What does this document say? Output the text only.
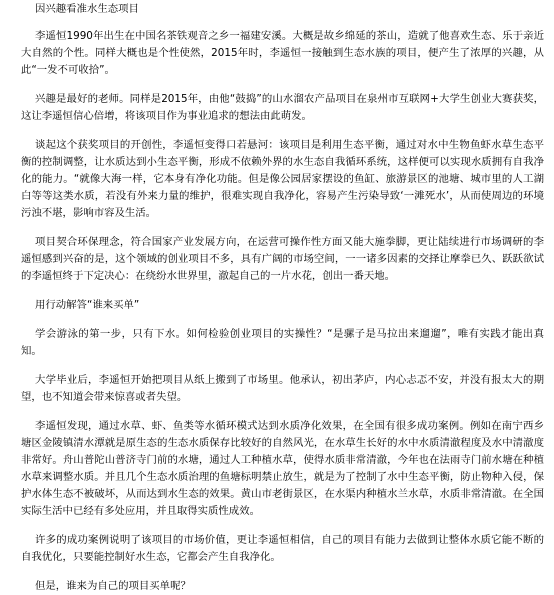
因兴趣看准水生态项目

李遥恒1990年出生在中国名茶铁观音之乡一福建安溪。大概是故乡绵延的茶山，造就了他喜欢生态、乐于亲近大自然的个性。同样大概也是个性使然，2015年时，李遥恒一接触到生态水族的项目，便产生了浓厚的兴趣，从此“一发不可收拾”。

兴趣是最好的老师。同样是2015年，由他“鼓捣”的山水溜农产品项目在泉州市互联网+大学生创业大赛获奖，这让李遥恒信心倍增，将该项目作为事业追求的想法由此萌发。

谈起这个获奖项目的开创性，李遥恒变得口若悬河：该项目是利用生态平衡，通过对水中生物鱼虾水草生态平衡的控制调整，让水质达到小生态平衡，形成不依赖外界的水生态自我循环系统，这样便可以实现水质拥有自我净化的能力。“就像大海一样，它本身有净化功能。但是像公园居家摆设的鱼缸、旅游景区的池塘、城市里的人工湖白等等这类水质，若没有外来力量的维护，很难实现自我净化，容易产生污染导致‘一滩死水’，从而使周边的环境污浊不堪，影响市容及生活。

项目契合环保理念，符合国家产业发展方向，在运营可操作性方面又能大施拳脚，更让陆续进行市场调研的李遥恒感到兴奋的是，这个领域的创业项目不多，具有广阔的市场空间，一一诸多因素的交择让摩拳已久、跃跃欲试的李遥恒终于下定决心：在绕纷水世界里，澈起自己的一片水花，创出一番天地。

用行动解答“谁来买单”

学会游泳的第一步，只有下水。如何检验创业项目的实操性？“是骡子是马拉出来遛遛”，唯有实践才能出真知。

大学毕业后，李遥恒开始把项目从纸上搬到了市场里。他承认，初出茅庐，内心忐忑不安，并没有报太大的期望，也不知道会带来惊喜或者失望。

李遥恒发现，通过水草、虾、鱼类等水循环模式达到水质净化效果，在全国有很多成功案例。例如在南宁西乡塘区金陵镇清水潭就是原生态的生态水质保存比较好的自然风光，在水草生长好的水中水质清澈程度及水中清澈度非常好。舟山普陀山普济寺门前的水塘，通过人工种植水草，使得水质非常清澈，今年也在法雨寺门前水塘在种植水草来调整水质。并且几个生态水质治理的鱼塘标明禁止放生，就是为了控制了水中生态平衡，防止物种入侵，保护水体生态不被破坏，从而达到水生态的效果。黄山市老街景区，在水渠内种植水兰水草，水质非常清澈。在全国实际生活中已经有多处应用，并且取得实质性成效。

许多的成功案例说明了该项目的市场价值，更让李遥恒相信，自己的项目有能力去做到让整体水质它能不断的自我优化，只要能控制好水生态，它都会产生自我净化。

但是，谁来为自己的项目买单呢？
